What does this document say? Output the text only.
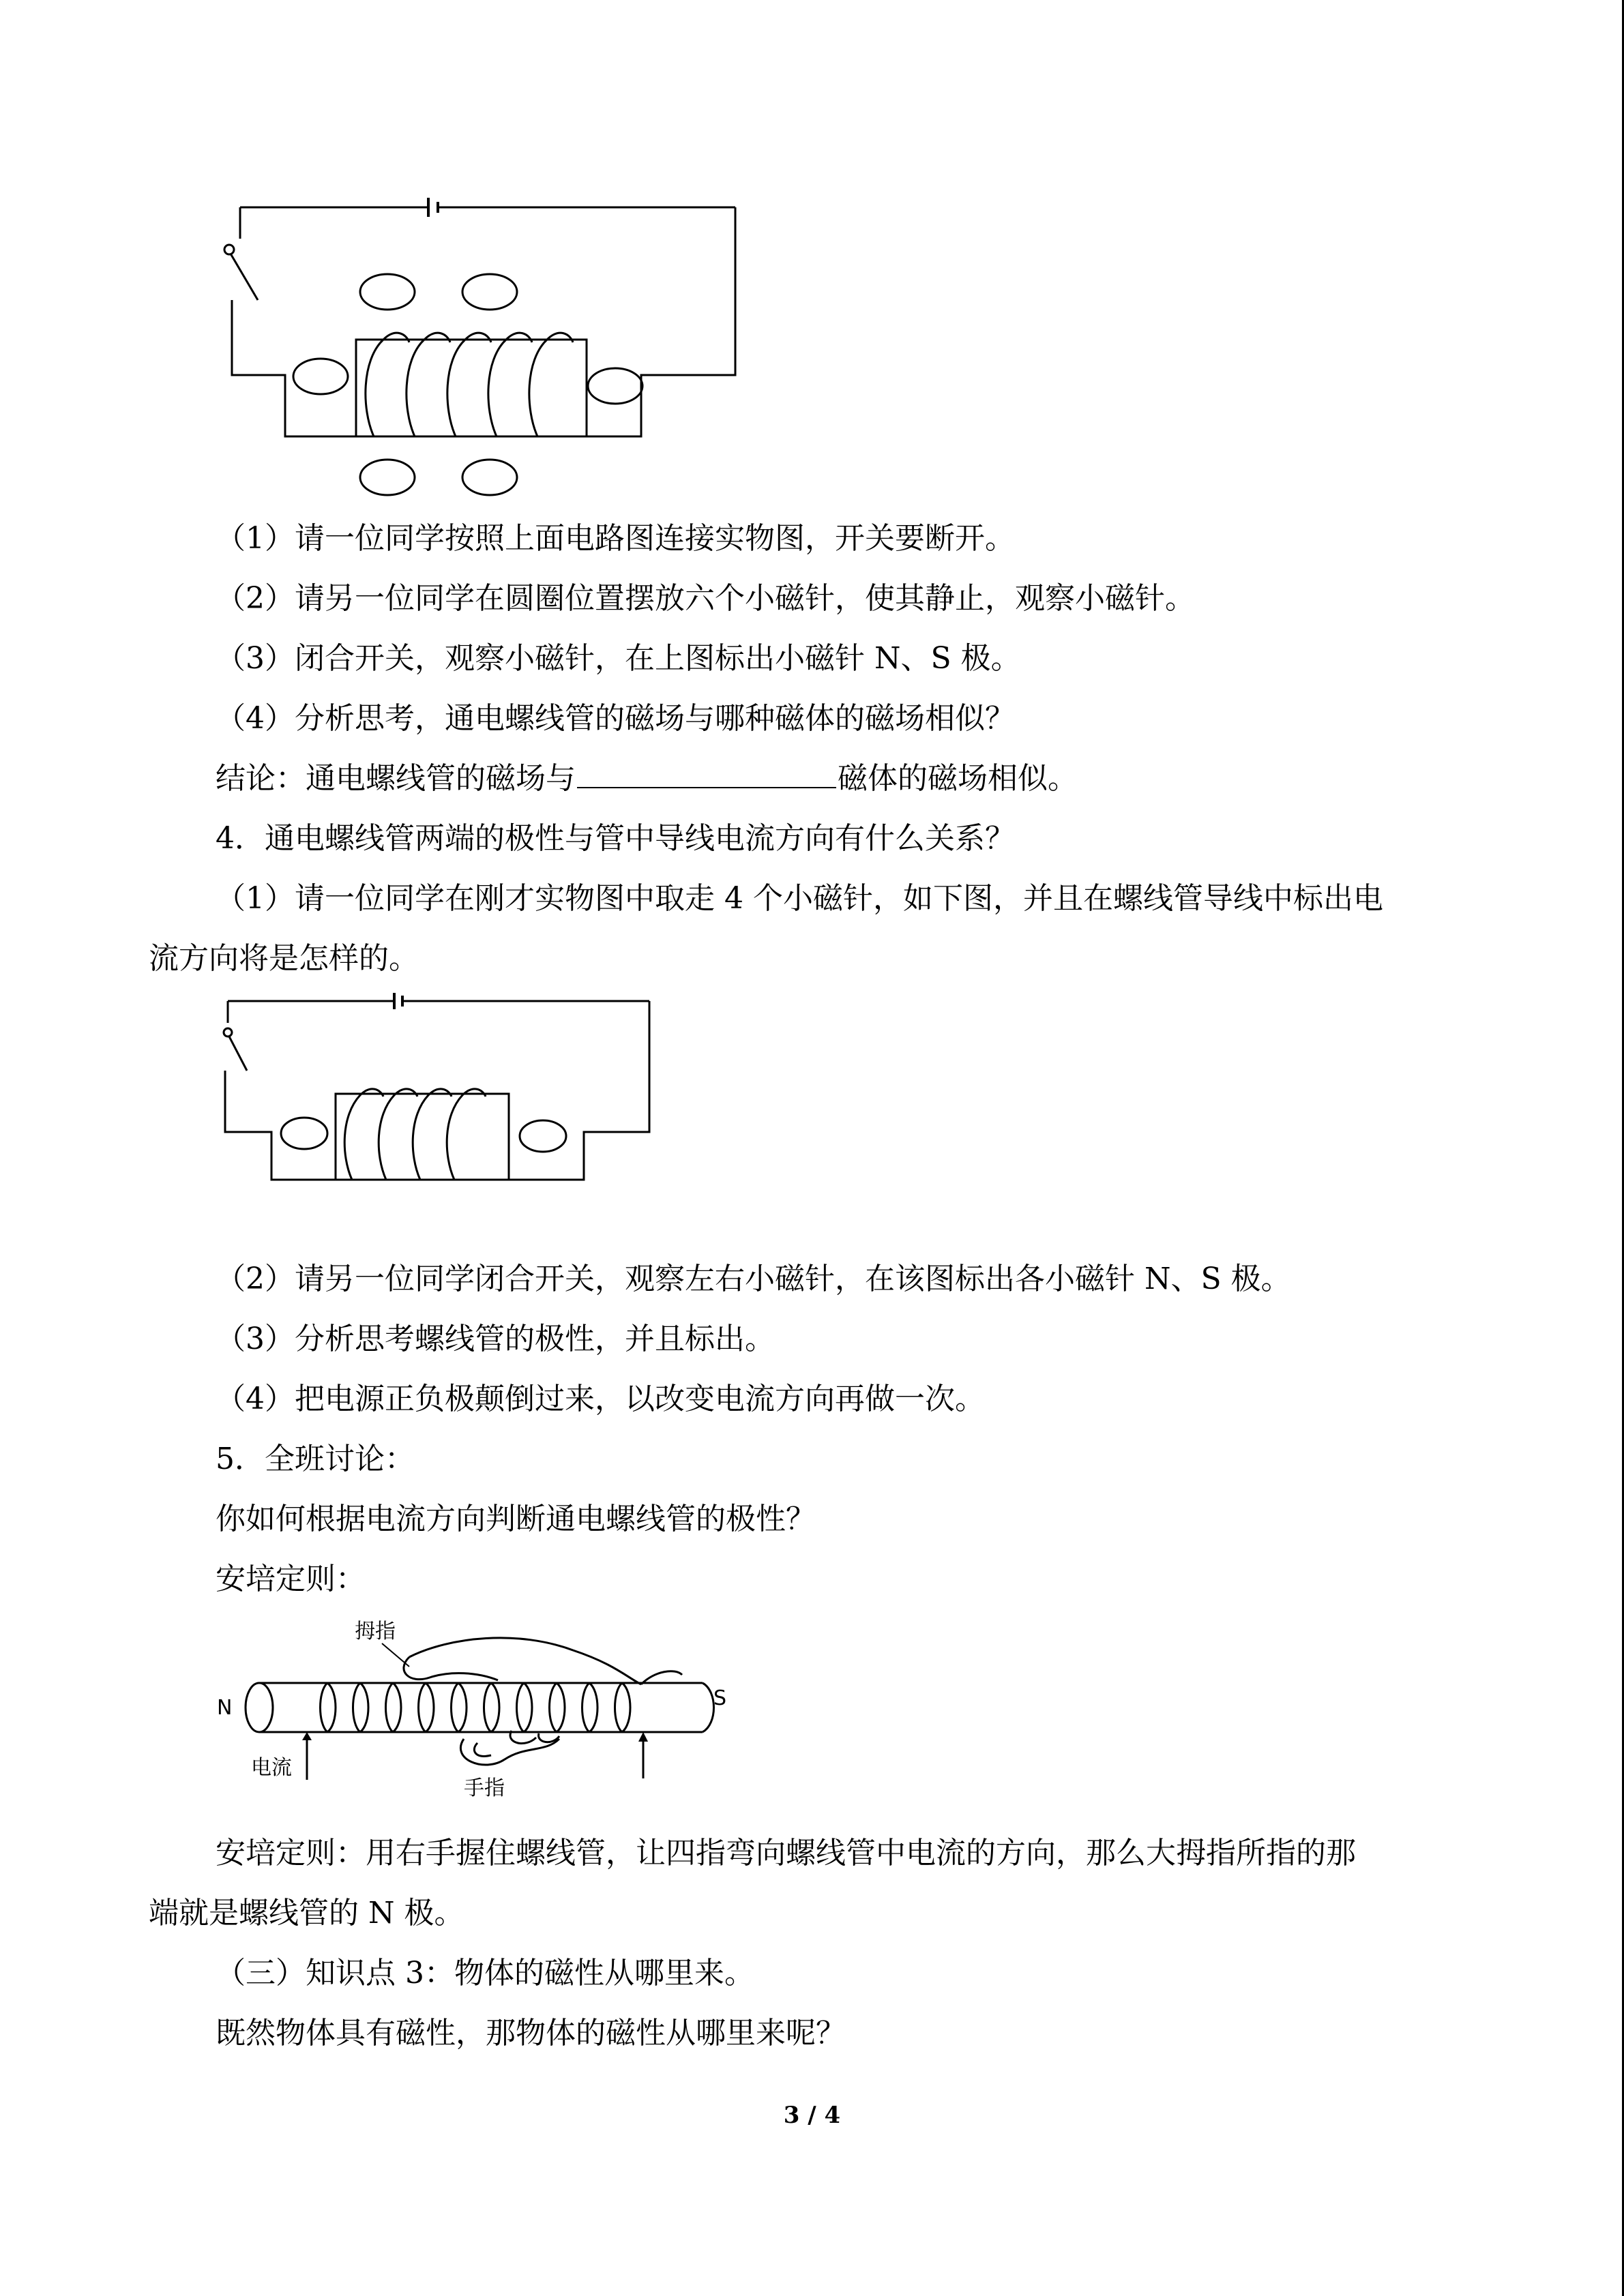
（1）请一位同学按照上面电路图连接实物图，开关要断开。

（2）请另一位同学在圆圈位置摆放六个小磁针，使其静止，观察小磁针。

（3）闭合开关，观察小磁针，在上图标出小磁针 N、S 极。

（4）分析思考，通电螺线管的磁场与哪种磁体的磁场相似？

结论：通电螺线管的磁场与	磁体的磁场相似。

4．通电螺线管两端的极性与管中导线电流方向有什么关系？

（1）请一位同学在刚才实物图中取走 4 个小磁针，如下图，并且在螺线管导线中标出电

流方向将是怎样的。

（2）请另一位同学闭合开关，观察左右小磁针，在该图标出各小磁针 N、S 极。

（3）分析思考螺线管的极性，并且标出。

（4）把电源正负极颠倒过来，以改变电流方向再做一次。

5．全班讨论：

你如何根据电流方向判断通电螺线管的极性？

安培定则：

拇指
手指
电流
N	S

安培定则：用右手握住螺线管，让四指弯向螺线管中电流的方向，那么大拇指所指的那

端就是螺线管的 N 极。

（三）知识点 3：物体的磁性从哪里来。

既然物体具有磁性，那物体的磁性从哪里来呢？

3 / 4
